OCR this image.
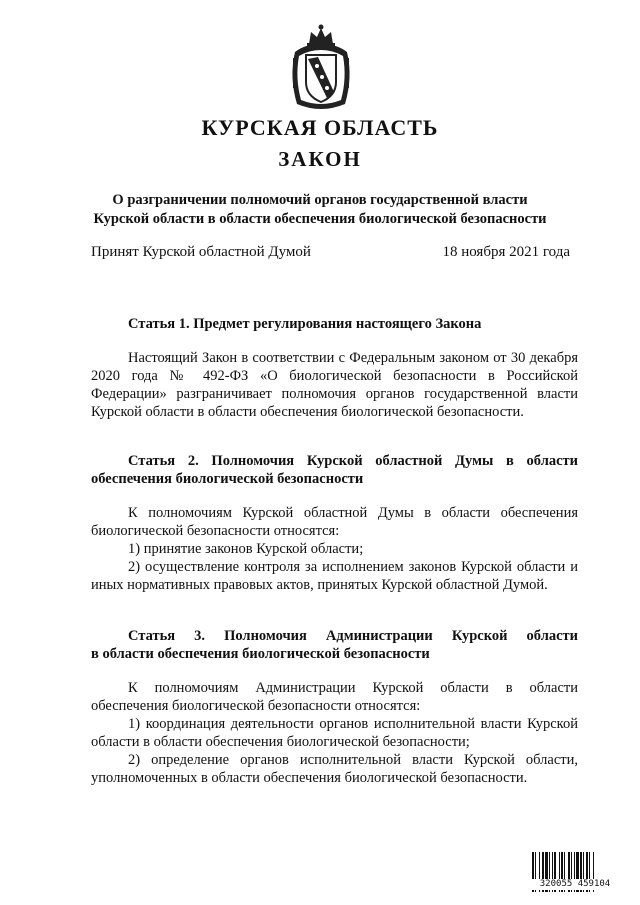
КУРСКАЯ ОБЛАСТЬ
ЗАКОН
О разграничении полномочий органов государственной власти
Курской области в области обеспечения биологической безопасности
Принят Курской областной Думой	18 ноября 2021 года
Статья 1. Предмет регулирования настоящего Закона
Настоящий Закон в соответствии с Федеральным законом от 30 декабря 2020 года № 492-ФЗ «О биологической безопасности в Российской Федерации» разграничивает полномочия органов государственной власти Курской области в области обеспечения биологической безопасности.
Статья 2. Полномочия Курской областной Думы в области обеспечения биологической безопасности
К полномочиям Курской областной Думы в области обеспечения биологической безопасности относятся:
1) принятие законов Курской области;
2) осуществление контроля за исполнением законов Курской области и иных нормативных правовых актов, принятых Курской областной Думой.
Статья 3. Полномочия Администрации Курской области
в области обеспечения биологической безопасности
К полномочиям Администрации Курской области в области обеспечения биологической безопасности относятся:
1) координация деятельности органов исполнительной власти Курской области в области обеспечения биологической безопасности;
2) определение органов исполнительной власти Курской области, уполномоченных в области обеспечения биологической безопасности.
320055 459104
